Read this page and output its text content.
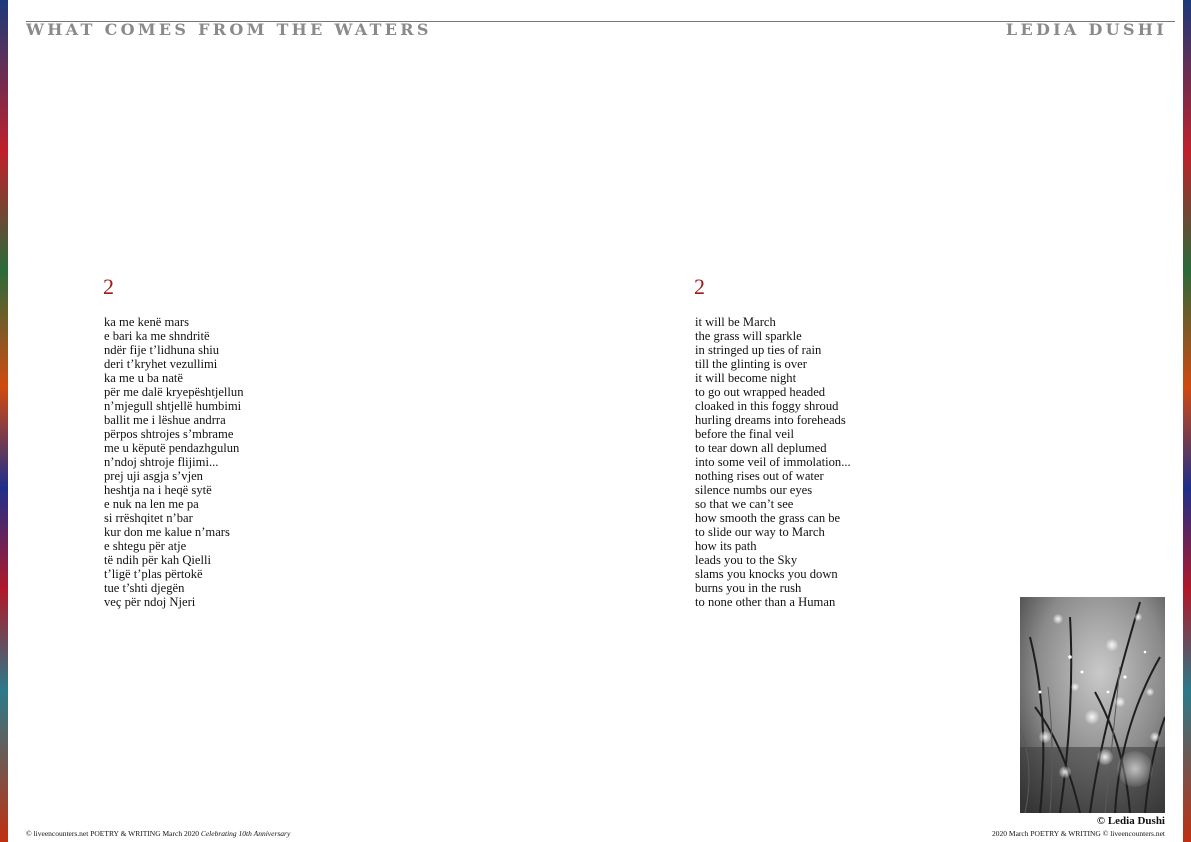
WHAT COMES FROM THE WATERS	LEDIA DUSHI
2
ka me kenë mars
e bari ka me shndritë
ndër fije t’lidhuna shiu
deri t’kryhet vezullimi
ka me u ba natë
për me dalë kryepështjellun
n’mjegull shtjellë humbimi
ballit me i lëshue andrra
përpos shtrojes s’mbrame
me u këputë pendazhgulun
n’ndoj shtroje flijimi...
prej uji asgja s’vjen
heshtja na i heqë sytë
e nuk na len me pa
si rrëshqitet n’bar
kur don me kalue n’mars
e shtegu për atje
të ndih për kah Qielli
t’ligë t’plas përtokë
tue t’shti djegën
veç për ndoj Njeri
2
it will be March
the grass will sparkle
in stringed up ties of rain
till the glinting is over
it will become night
to go out wrapped headed
cloaked in this foggy shroud
hurling dreams into foreheads
before the final veil
to tear down all deplumed
into some veil of immolation...
nothing rises out of water
silence numbs our eyes
so that we can’t see
how smooth the grass can be
to slide our way to March
how its path
leads you to the Sky
slams you knocks you down
burns you in the rush
to none other than a Human
© Ledia Dushi
© liveencounters.net POETRY & WRITING March 2020 Celebrating 10th Anniversary	2020 March POETRY & WRITING © liveencounters.net
